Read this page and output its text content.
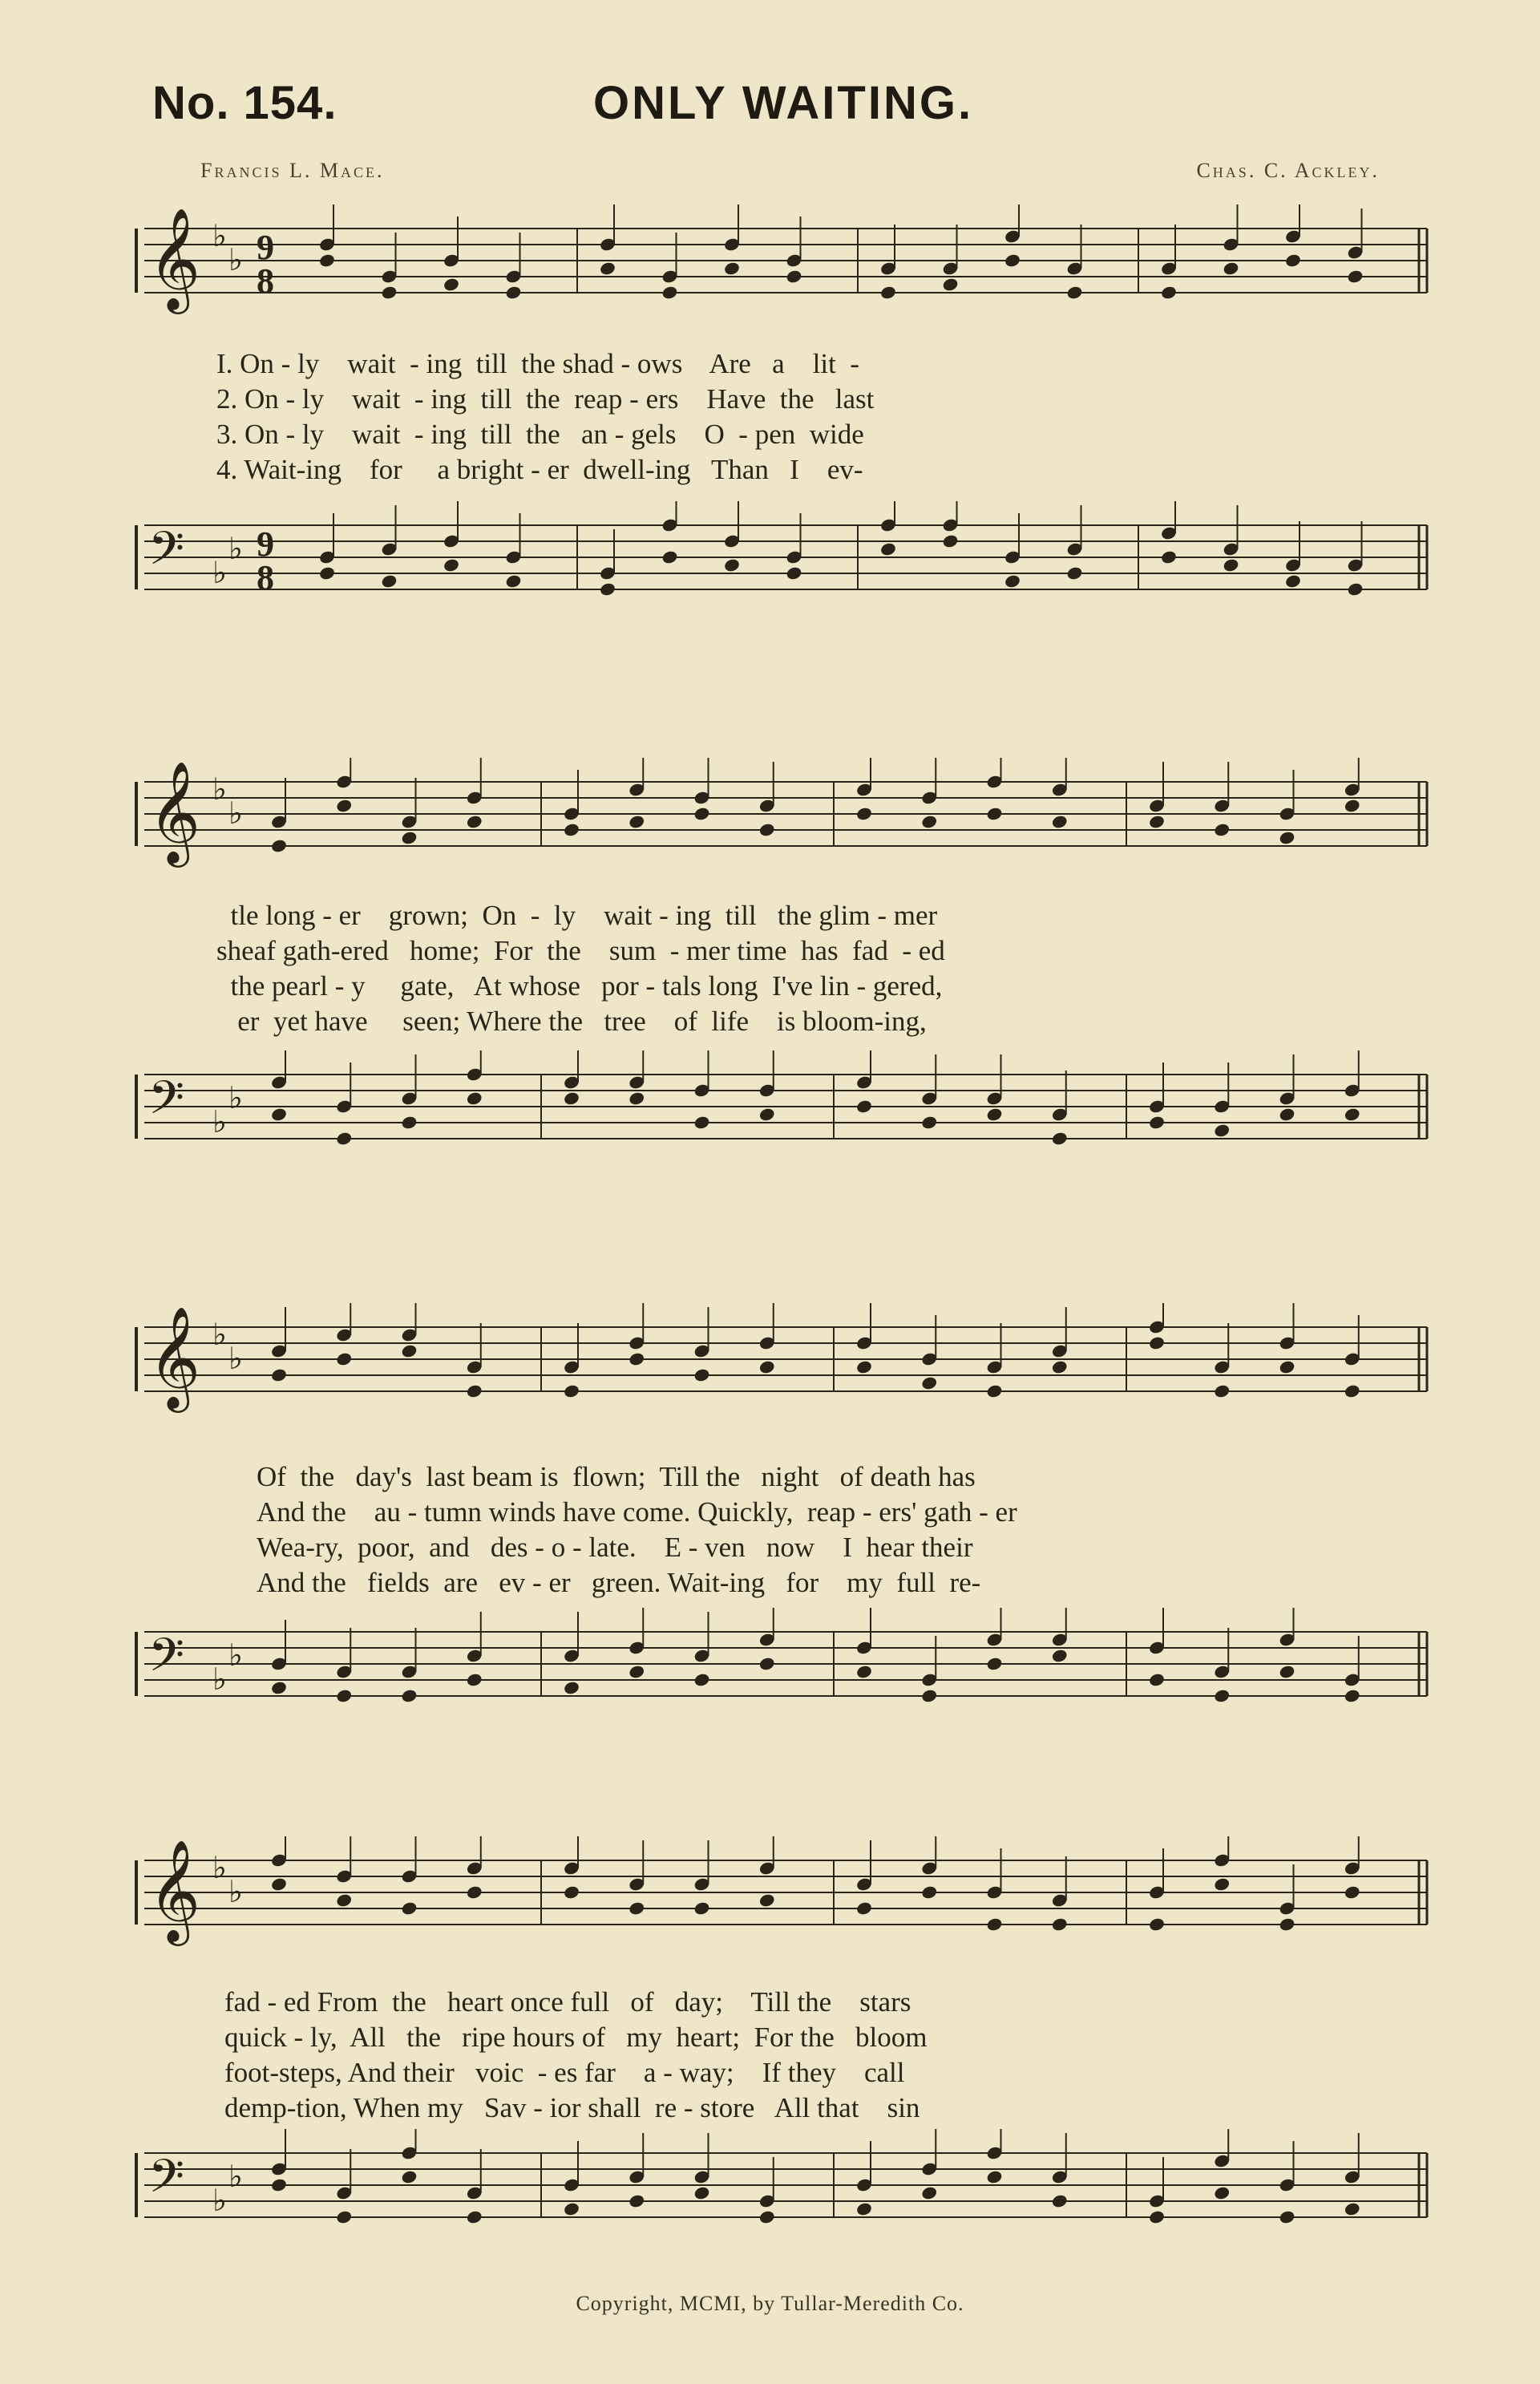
No. 154.	ONLY WAITING.
Francis L. Mace.	Chas. C. Ackley.
𝄞 ♭
♭ 9
8
I. On - ly    wait  - ing  till  the shad - ows    Are   a    lit  -
2. On - ly    wait  - ing  till  the  reap - ers    Have  the   last
3. On - ly    wait  - ing  till  the   an - gels    O  - pen  wide
4. Wait-ing    for     a bright - er  dwell-ing   Than   I    ev-
𝄢 ♭
♭ 9
8
𝄞 ♭
♭
tle long - er    grown;  On  -  ly    wait - ing  till   the glim - mer
sheaf gath-ered   home;  For  the    sum  - mer time  has  fad  - ed
the pearl - y     gate,   At whose   por - tals long  I've lin - gered,
er  yet have     seen; Where the   tree    of  life    is bloom-ing,
𝄢 ♭
♭
𝄞 ♭
♭
Of  the   day's  last beam is  flown;  Till the   night   of death has
And the    au - tumn winds have come. Quickly,  reap - ers' gath - er
Wea-ry,  poor,  and   des - o - late.    E - ven   now    I  hear their
And the   fields  are   ev - er   green. Wait-ing   for    my  full  re-
𝄢 ♭
♭
𝄞 ♭
♭
fad - ed From  the   heart once full   of   day;    Till the    stars
quick - ly,  All   the   ripe hours of   my  heart;  For the   bloom
foot-steps, And their   voic  - es far    a - way;    If they    call
demp-tion, When my   Sav - ior shall  re - store   All that    sin
𝄢 ♭
♭
Copyright, MCMI, by Tullar-Meredith Co.
